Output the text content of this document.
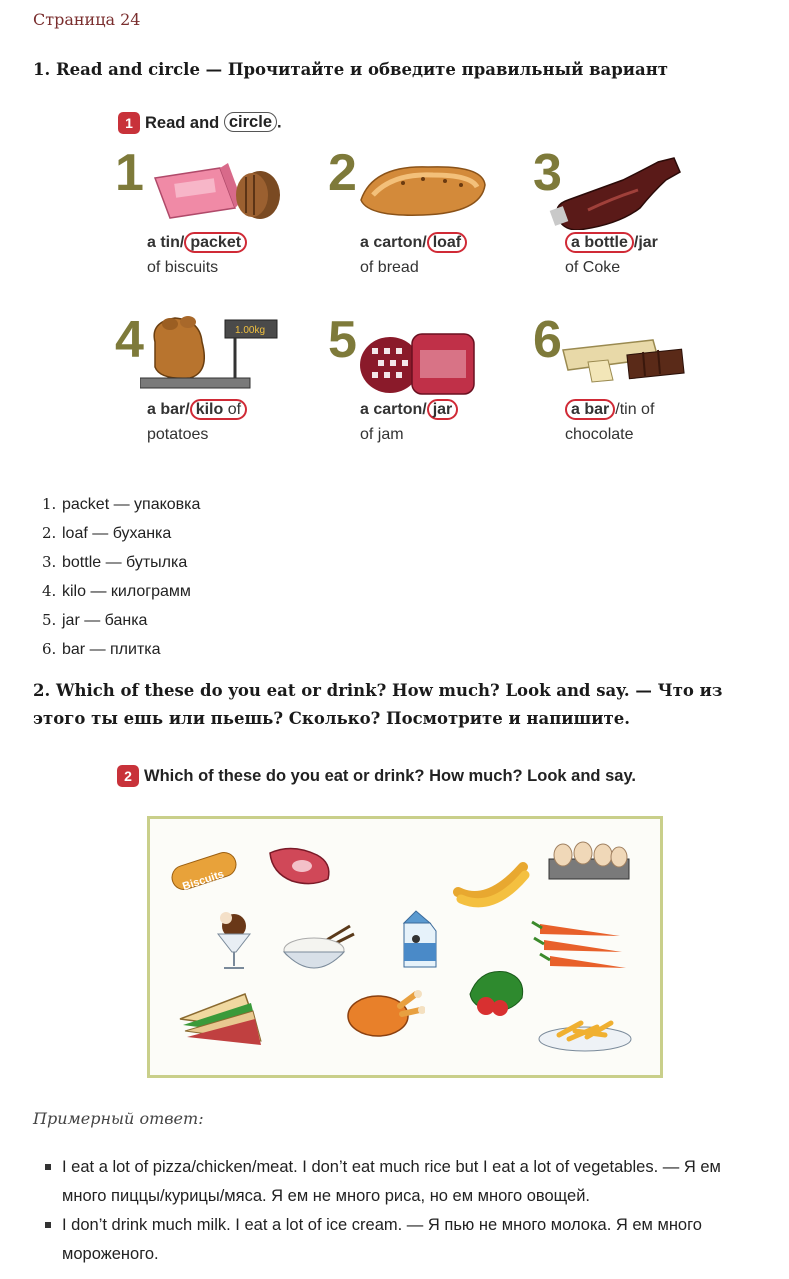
Страница 24
1. Read and circle — Прочитайте и обведите правильный вариант
1 Read and circle .
1
a tin/ packet
of biscuits
2
a carton/ loaf
of bread
3
a bottle /jar
of Coke
4	1.00kg
a bar/ kilo of
potatoes
5
a carton/ jar
of jam
6
a bar /tin of
chocolate
1. packet — упаковка
2. loaf — буханка
3. bottle — бутылка
4. kilo — килограмм
5. jar — банка
6. bar — плитка
2. Which of these do you eat or drink? How much? Look and say. — Что из этого ты ешь или пьешь? Сколько? Посмотрите и напишите.
2 Which of these do you eat or drink? How much? Look and say.
Biscuits
Примерный ответ:
I eat a lot of pizza/chicken/meat. I don’t eat much rice but I eat a lot of vegetables. — Я ем много пиццы/курицы/мяса. Я ем не много риса, но ем много овощей.
I don’t drink much milk. I eat a lot of ice cream. — Я пью не много молока. Я ем много мороженого.
